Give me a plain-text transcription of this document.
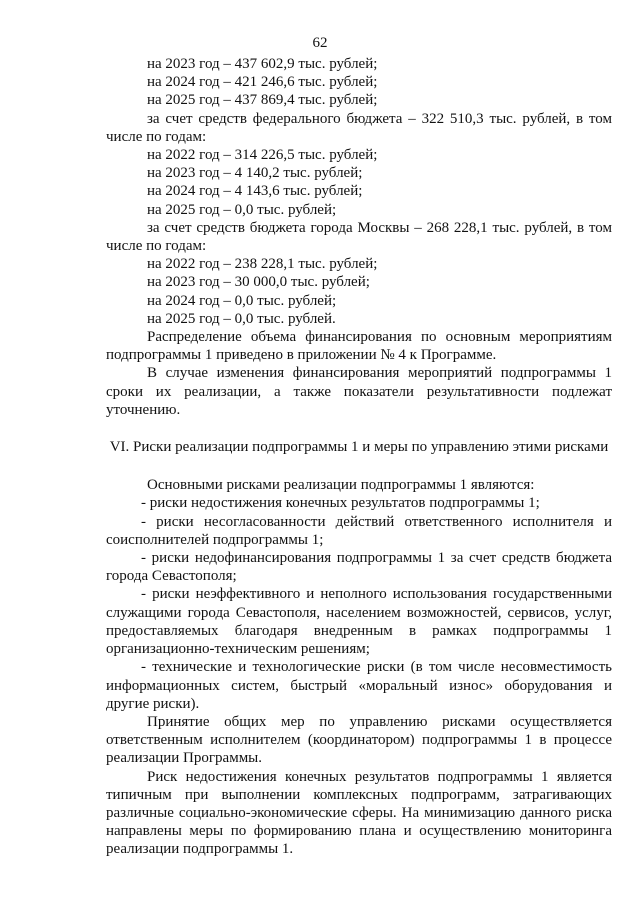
62
на 2023 год – 437 602,9 тыс. рублей;
на 2024 год – 421 246,6 тыс. рублей;
на 2025 год – 437 869,4 тыс. рублей;

за счет средств федерального бюджета – 322 510,3 тыс. рублей, в том числе по годам:

на 2022 год – 314 226,5 тыс. рублей;
на 2023 год – 4 140,2 тыс. рублей;
на 2024 год – 4 143,6 тыс. рублей;
на 2025 год – 0,0 тыс. рублей;

за счет средств бюджета города Москвы – 268 228,1 тыс. рублей, в том числе по годам:

на 2022 год – 238 228,1 тыс. рублей;
на 2023 год – 30 000,0 тыс. рублей;
на 2024 год – 0,0 тыс. рублей;
на 2025 год – 0,0 тыс. рублей.

Распределение объема финансирования по основным мероприятиям подпрограммы 1 приведено в приложении № 4 к Программе.

В случае изменения финансирования мероприятий подпрограммы 1 сроки их реализации, а также показатели результативности подлежат уточнению.

VI. Риски реализации подпрограммы 1 и меры по управлению этими рисками

Основными рисками реализации подпрограммы 1 являются:

- риски недостижения конечных результатов подпрограммы 1;

- риски несогласованности действий ответственного исполнителя и соисполнителей подпрограммы 1;

- риски недофинансирования подпрограммы 1 за счет средств бюджета города Севастополя;

- риски неэффективного и неполного использования государственными служащими города Севастополя, населением возможностей, сервисов, услуг, предоставляемых благодаря внедренным в рамках подпрограммы 1 организационно-техническим решениям;

- технические и технологические риски (в том числе несовместимость информационных систем, быстрый «моральный износ» оборудования и другие риски).

Принятие общих мер по управлению рисками осуществляется ответственным исполнителем (координатором) подпрограммы 1 в процессе реализации Программы.

Риск недостижения конечных результатов подпрограммы 1 является типичным при выполнении комплексных подпрограмм, затрагивающих различные социально-экономические сферы. На минимизацию данного риска направлены меры по формированию плана и осуществлению мониторинга реализации подпрограммы 1.
